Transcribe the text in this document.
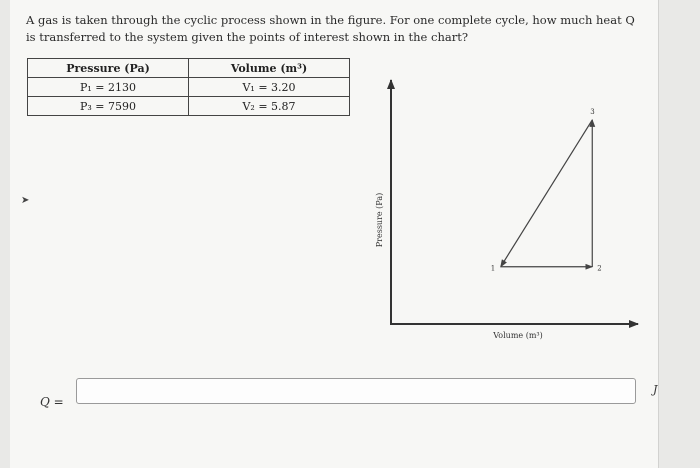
A gas is taken through the cyclic process shown in the figure. For one complete cycle, how much heat Q is transferred to the system given the points of interest shown in the chart?
Pressure (Pa)	Volume (m³)
P₁ = 2130	V₁ = 3.20
P₃ = 7590	V₂ = 5.87
Pressure (Pa)
Volume (m³)
1	2
3
➤
Q =
J
